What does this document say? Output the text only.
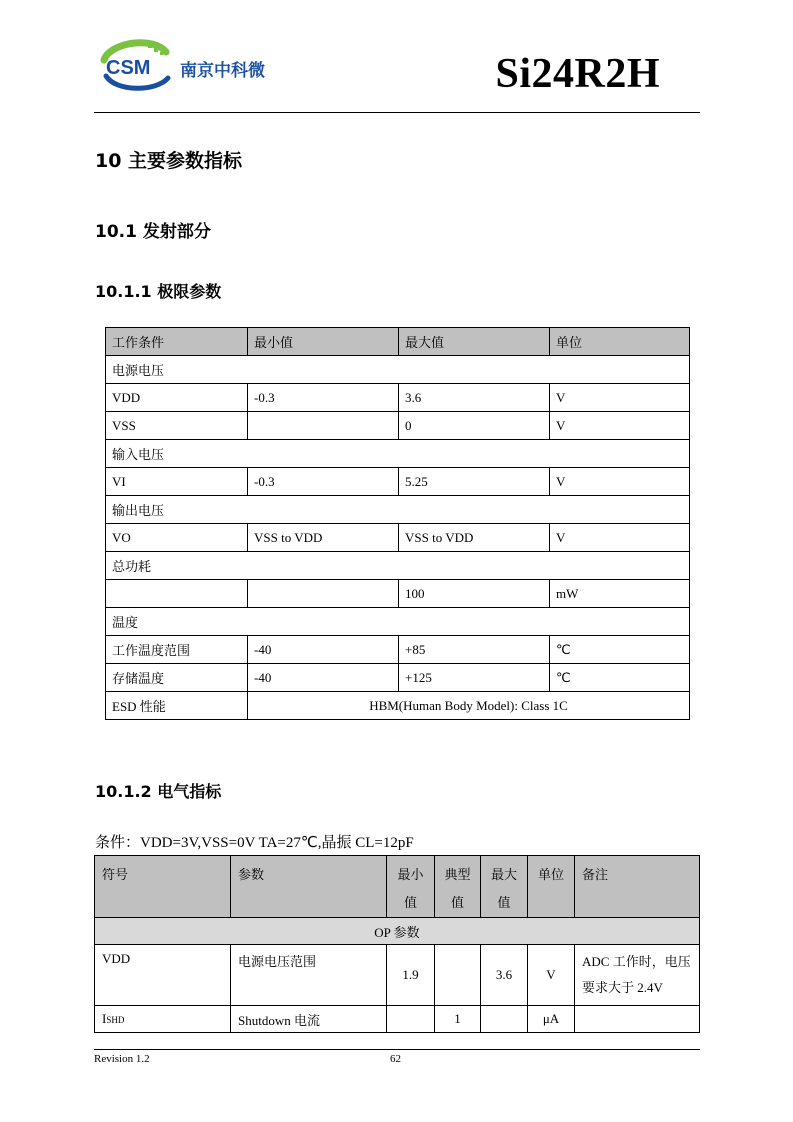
CSM 南京中科微	Si24R2H
10 主要参数指标
10.1 发射部分
10.1.1 极限参数
工作条件	最小值	最大值	单位
电源电压			
VDD	-0.3	3.6	V
VSS		0	V
输入电压			
VI	-0.3	5.25	V
输出电压			
VO	VSS to VDD	VSS to VDD	V
总功耗			
		100	mW
温度			
工作温度范围	-40	+85	℃
存储温度	-40	+125	℃
ESD 性能	HBM(Human Body Model): Class 1C		
10.1.2 电气指标
条件：VDD=3V,VSS=0V TA=27℃,晶振 CL=12pF
符号	参数	最小值	典型值	最大值	单位	备注
OP 参数						
VDD	电源电压范围	1.9		3.6	V	ADC 工作时，电压要求大于 2.4V
ISHD	Shutdown 电流		1		μA	
Revision 1.2	62
